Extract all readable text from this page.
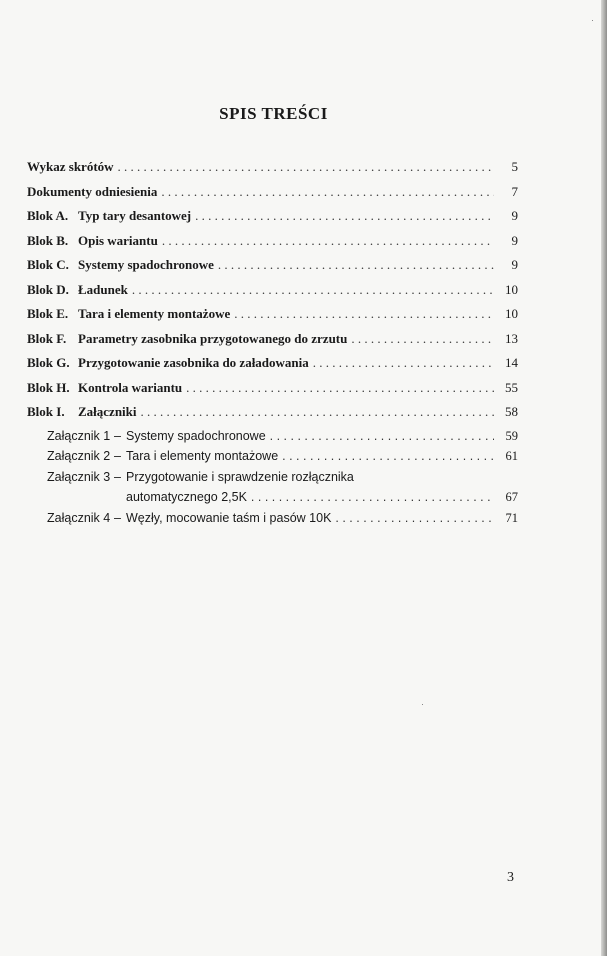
SPIS TREŚCI
Wykaz skrótów . . .	5
Dokumenty odniesienia . . .	7
Blok A. Typ tary desantowej . . .	9
Blok B. Opis wariantu . . .	9
Blok C. Systemy spadochronowe . . .	9
Blok D. Ładunek . . .	10
Blok E. Tara i elementy montażowe . . .	10
Blok F. Parametry zasobnika przygotowanego do zrzutu . . .	13
Blok G. Przygotowanie zasobnika do załadowania . . .	14
Blok H. Kontrola wariantu . . .	55
Blok I.	Załączniki . . .	58
Załącznik 1 – Systemy spadochronowe . . .	59
Załącznik 2 – Tara i elementy montażowe . . .	61
Załącznik 3 – Przygotowanie i sprawdzenie rozłącznika
automatycznego 2,5K . . .	67
Załącznik 4 – Węzły, mocowanie taśm i pasów 10K . . .	71
3
